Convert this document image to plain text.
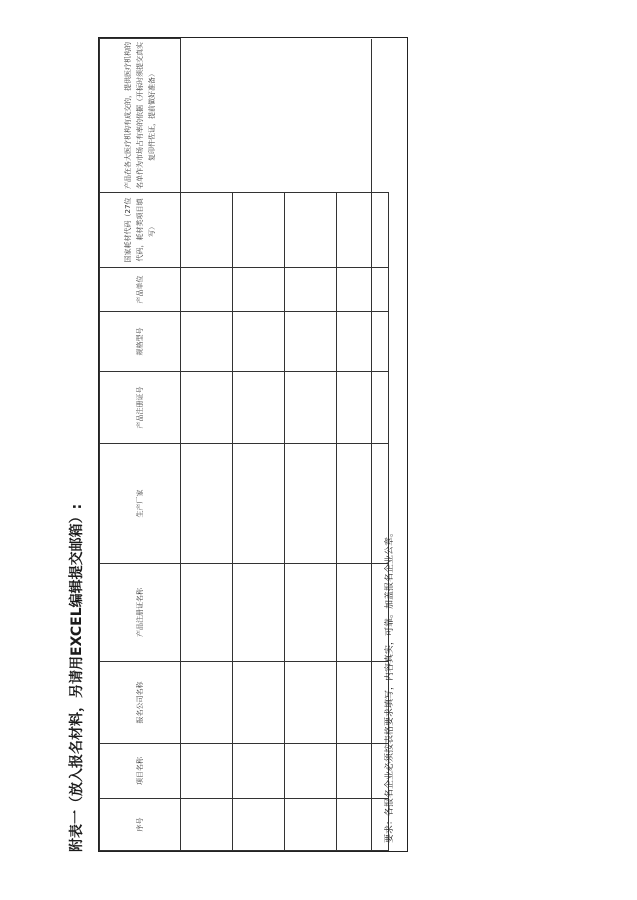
附表一（放入报名材料，另请用EXCEL编辑提交邮箱）:	序号	项目名称	报名公司名称	产品注册证名称	生产厂家	产品注册证号	规格型号	产品单位	国家耗材代码（27位代码，耗材类项目填写）	产品在各大医疗机构有成交的，提供医疗机构的名单作为市场占有率的依据（开标时须提交真实复印件佐证，提前做好准备）

要求：各报名企业必须按表格要求填写，内容真实，可靠。加盖报名企业公章。
